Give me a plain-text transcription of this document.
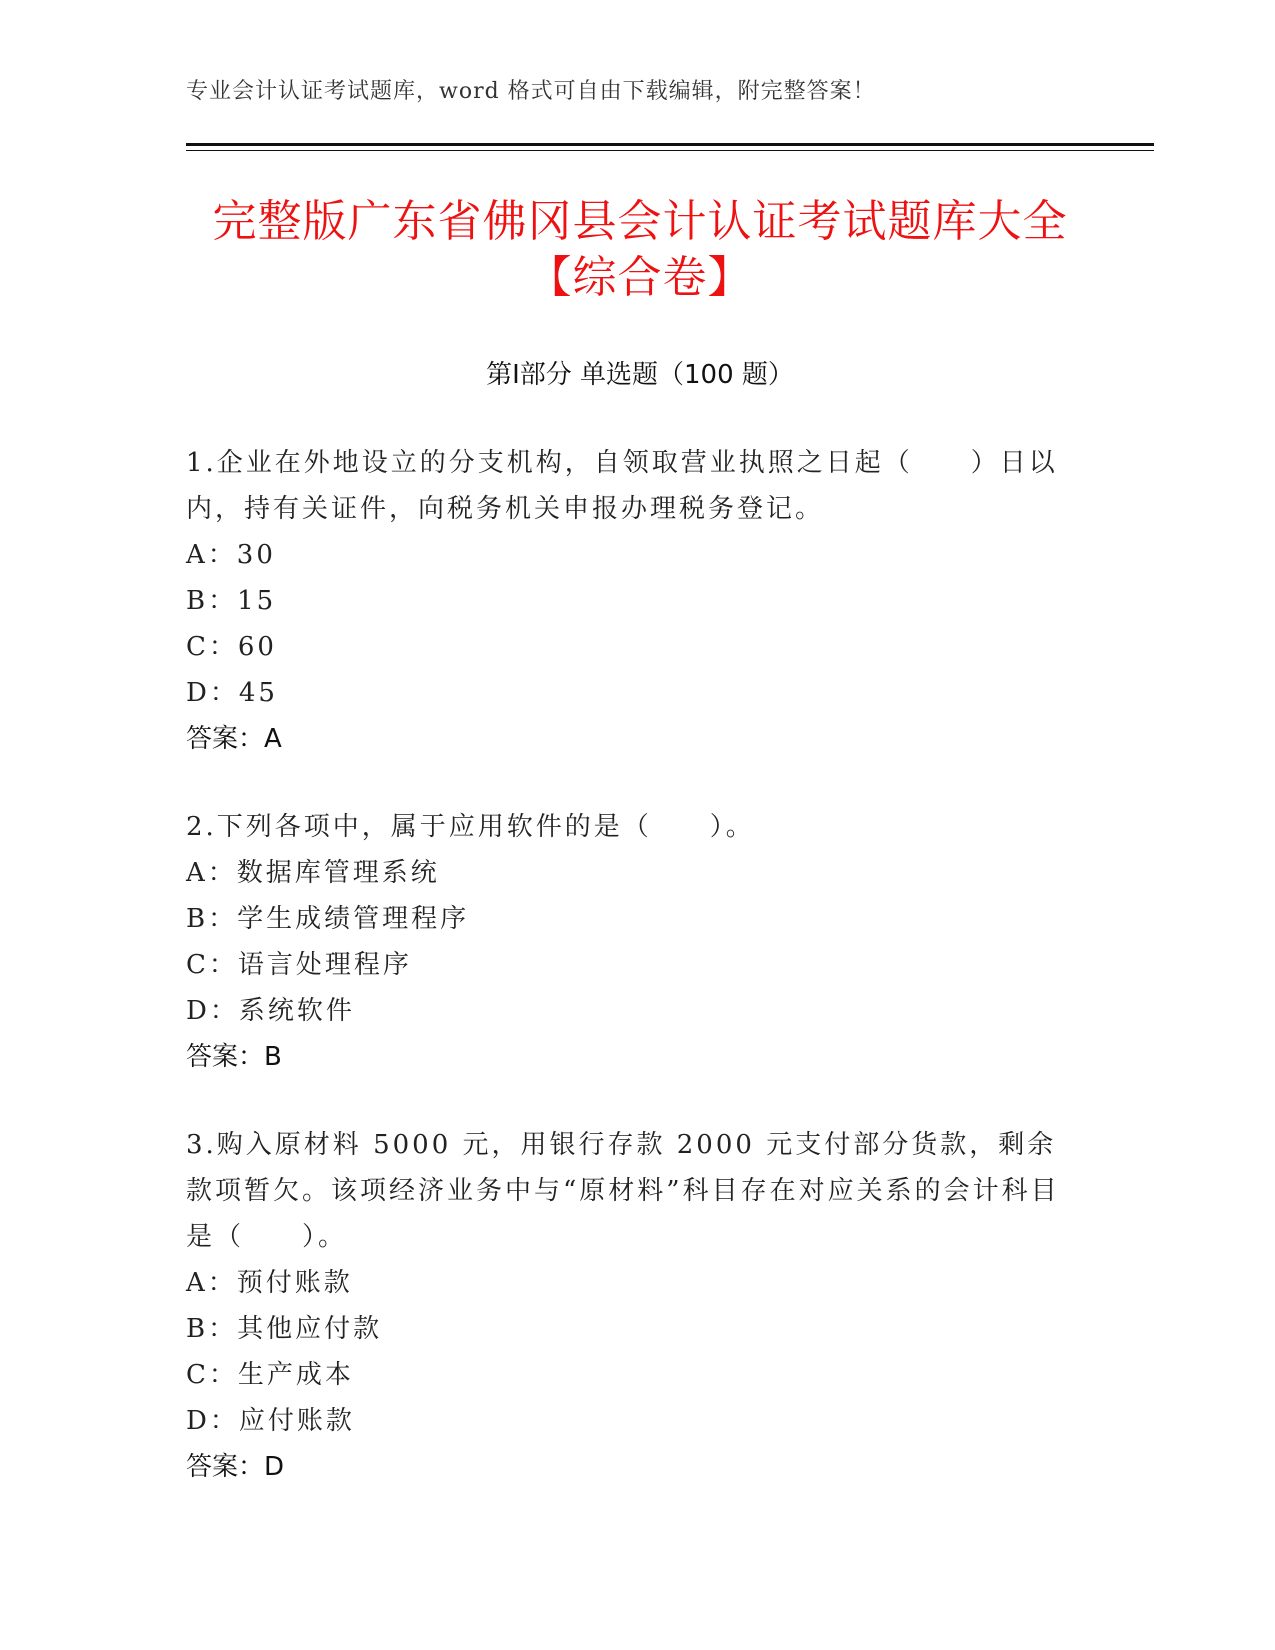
专业会计认证考试题库，word 格式可自由下载编辑，附完整答案！
完整版广东省佛冈县会计认证考试题库大全
【综合卷】
第Ⅰ部分 单选题（100 题）
1.企业在外地设立的分支机构，自领取营业执照之日起（　　）日以内，持有关证件，向税务机关申报办理税务登记。
A：30
B：15
C：60
D：45
答案：A
2.下列各项中，属于应用软件的是（　　）。
A：数据库管理系统
B：学生成绩管理程序
C：语言处理程序
D：系统软件
答案：B
3.购入原材料 5000 元，用银行存款 2000 元支付部分货款，剩余款项暂欠。该项经济业务中与“原材料”科目存在对应关系的会计科目是（　　）。
A：预付账款
B：其他应付款
C：生产成本
D：应付账款
答案：D
